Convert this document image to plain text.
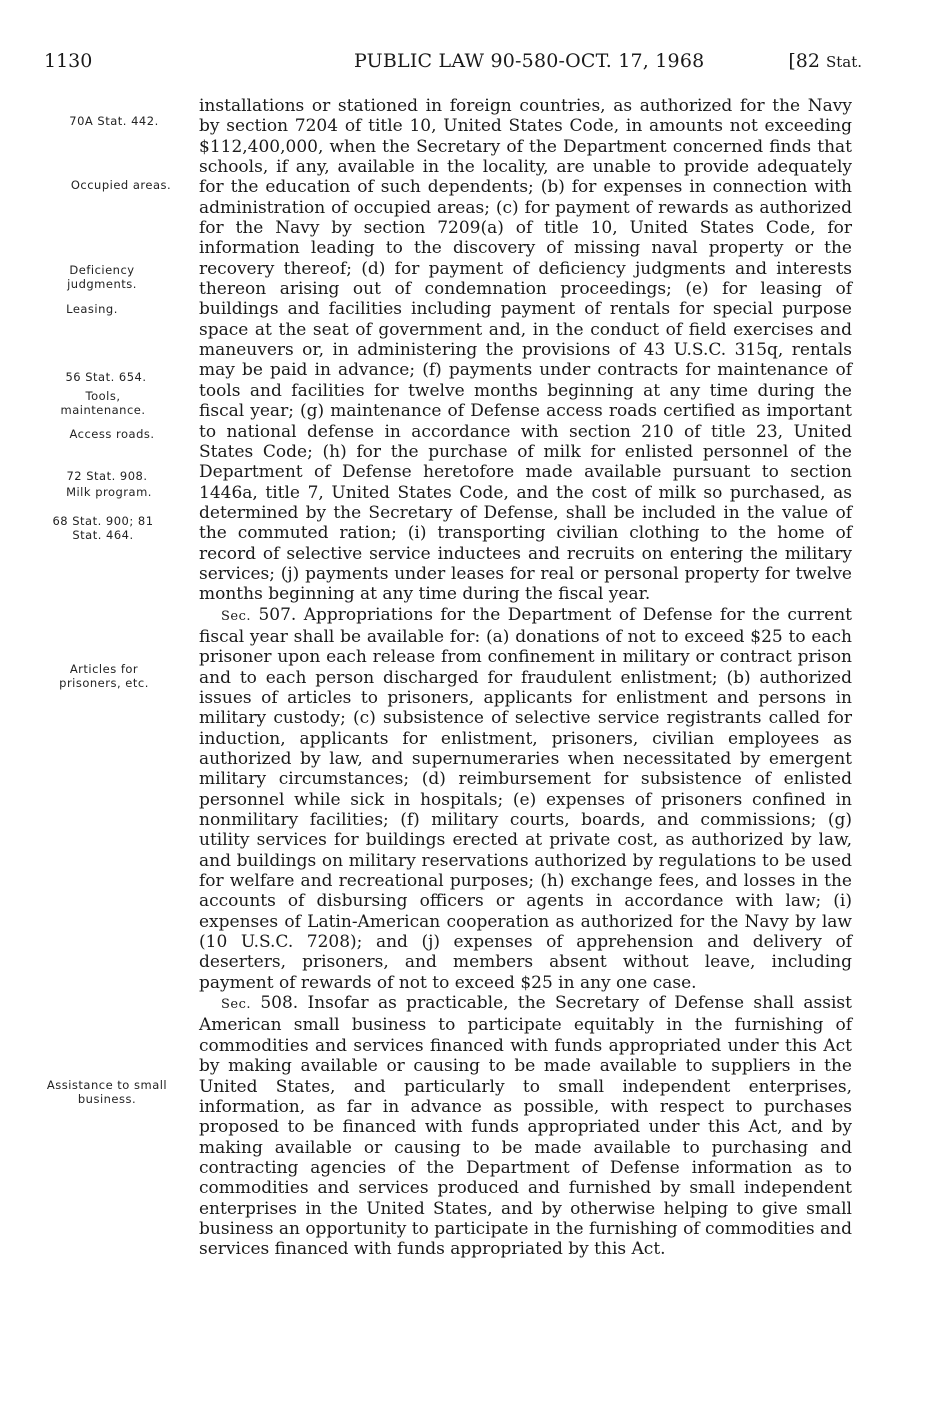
1130	PUBLIC LAW 90-580-OCT. 17, 1968	[82 Stat.
70A Stat. 442.
Occupied areas.
Deficiency judgments.
Leasing.
56 Stat. 654.
Tools, maintenance.
Access roads.
72 Stat. 908.
Milk program.
68 Stat. 900; 81 Stat. 464.
Articles for prisoners, etc.
Assistance to small business.

installations or stationed in foreign countries, as authorized for the Navy by section 7204 of title 10, United States Code, in amounts not exceeding $112,400,000, when the Secretary of the Department concerned finds that schools, if any, available in the locality, are unable to provide adequately for the education of such dependents; (b) for expenses in connection with administration of occupied areas; (c) for payment of rewards as authorized for the Navy by section 7209(a) of title 10, United States Code, for information leading to the discovery of missing naval property or the recovery thereof; (d) for payment of deficiency judgments and interests thereon arising out of condemnation proceedings; (e) for leasing of buildings and facilities including payment of rentals for special purpose space at the seat of government and, in the conduct of field exercises and maneuvers or, in administering the provisions of 43 U.S.C. 315q, rentals may be paid in advance; (f) payments under contracts for maintenance of tools and facilities for twelve months beginning at any time during the fiscal year; (g) maintenance of Defense access roads certified as important to national defense in accordance with section 210 of title 23, United States Code; (h) for the purchase of milk for enlisted personnel of the Department of Defense heretofore made available pursuant to section 1446a, title 7, United States Code, and the cost of milk so purchased, as determined by the Secretary of Defense, shall be included in the value of the commuted ration; (i) transporting civilian clothing to the home of record of selective service inductees and recruits on entering the military services; (j) payments under leases for real or personal property for twelve months beginning at any time during the fiscal year.

Sec. 507. Appropriations for the Department of Defense for the current fiscal year shall be available for: (a) donations of not to exceed $25 to each prisoner upon each release from confinement in military or contract prison and to each person discharged for fraudulent enlistment; (b) authorized issues of articles to prisoners, applicants for enlistment and persons in military custody; (c) subsistence of selective service registrants called for induction, applicants for enlistment, prisoners, civilian employees as authorized by law, and supernumeraries when necessitated by emergent military circumstances; (d) reimbursement for subsistence of enlisted personnel while sick in hospitals; (e) expenses of prisoners confined in nonmilitary facilities; (f) military courts, boards, and commissions; (g) utility services for buildings erected at private cost, as authorized by law, and buildings on military reservations authorized by regulations to be used for welfare and recreational purposes; (h) exchange fees, and losses in the accounts of disbursing officers or agents in accordance with law; (i) expenses of Latin-American cooperation as authorized for the Navy by law (10 U.S.C. 7208); and (j) expenses of apprehension and delivery of deserters, prisoners, and members absent without leave, including payment of rewards of not to exceed $25 in any one case.

Sec. 508. Insofar as practicable, the Secretary of Defense shall assist American small business to participate equitably in the furnishing of commodities and services financed with funds appropriated under this Act by making available or causing to be made available to suppliers in the United States, and particularly to small independent enterprises, information, as far in advance as possible, with respect to purchases proposed to be financed with funds appropriated under this Act, and by making available or causing to be made available to purchasing and contracting agencies of the Department of Defense information as to commodities and services produced and furnished by small independent enterprises in the United States, and by otherwise helping to give small business an opportunity to participate in the furnishing of commodities and services financed with funds appropriated by this Act.
